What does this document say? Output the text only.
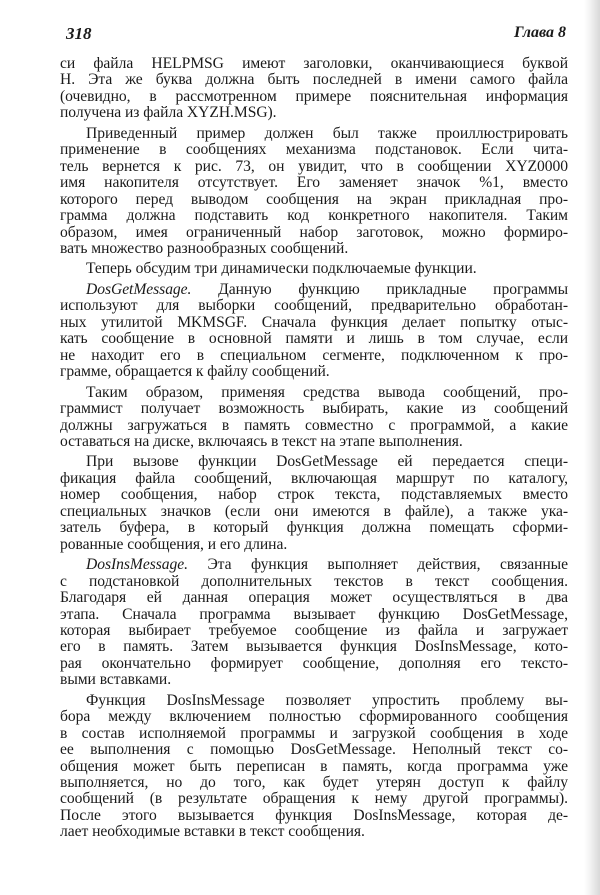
318	Глава 8
си файла HELPMSG имеют заголовки, оканчивающиеся буквой
H. Эта же буква должна быть последней в имени самого файла
(очевидно, в рассмотренном примере пояснительная информация
получена из файла XYZH.MSG).
Приведенный пример должен был также проиллюстрировать
применение в сообщениях механизма подстановок. Если чита-
тель вернется к рис. 73, он увидит, что в сообщении XYZ0000
имя накопителя отсутствует. Его заменяет значок %1, вместо
которого перед выводом сообщения на экран прикладная про-
грамма должна подставить код конкретного накопителя. Таким
образом, имея ограниченный набор заготовок, можно формиро-
вать множество разнообразных сообщений.
Теперь обсудим три динамически подключаемые функции.
DosGetMessage. Данную функцию прикладные программы
используют для выборки сообщений, предварительно обработан-
ных утилитой MKMSGF. Сначала функция делает попытку отыс-
кать сообщение в основной памяти и лишь в том случае, если
не находит его в специальном сегменте, подключенном к про-
грамме, обращается к файлу сообщений.
Таким образом, применяя средства вывода сообщений, про-
граммист получает возможность выбирать, какие из сообщений
должны загружаться в память совместно с программой, а какие
оставаться на диске, включаясь в текст на этапе выполнения.
При вызове функции DosGetMessage ей передается специ-
фикация файла сообщений, включающая маршрут по каталогу,
номер сообщения, набор строк текста, подставляемых вместо
специальных значков (если они имеются в файле), а также ука-
затель буфера, в который функция должна помещать сформи-
рованные сообщения, и его длина.
DosInsMessage. Эта функция выполняет действия, связанные
с подстановкой дополнительных текстов в текст сообщения.
Благодаря ей данная операция может осуществляться в два
этапа. Сначала программа вызывает функцию DosGetMessage,
которая выбирает требуемое сообщение из файла и загружает
его в память. Затем вызывается функция DosInsMessage, кото-
рая окончательно формирует сообщение, дополняя его тексто-
выми вставками.
Функция DosInsMessage позволяет упростить проблему вы-
бора между включением полностью сформированного сообщения
в состав исполняемой программы и загрузкой сообщения в ходе
ее выполнения с помощью DosGetMessage. Неполный текст со-
общения может быть переписан в память, когда программа уже
выполняется, но до того, как будет утерян доступ к файлу
сообщений (в результате обращения к нему другой программы).
После этого вызывается функция DosInsMessage, которая де-
лает необходимые вставки в текст сообщения.
